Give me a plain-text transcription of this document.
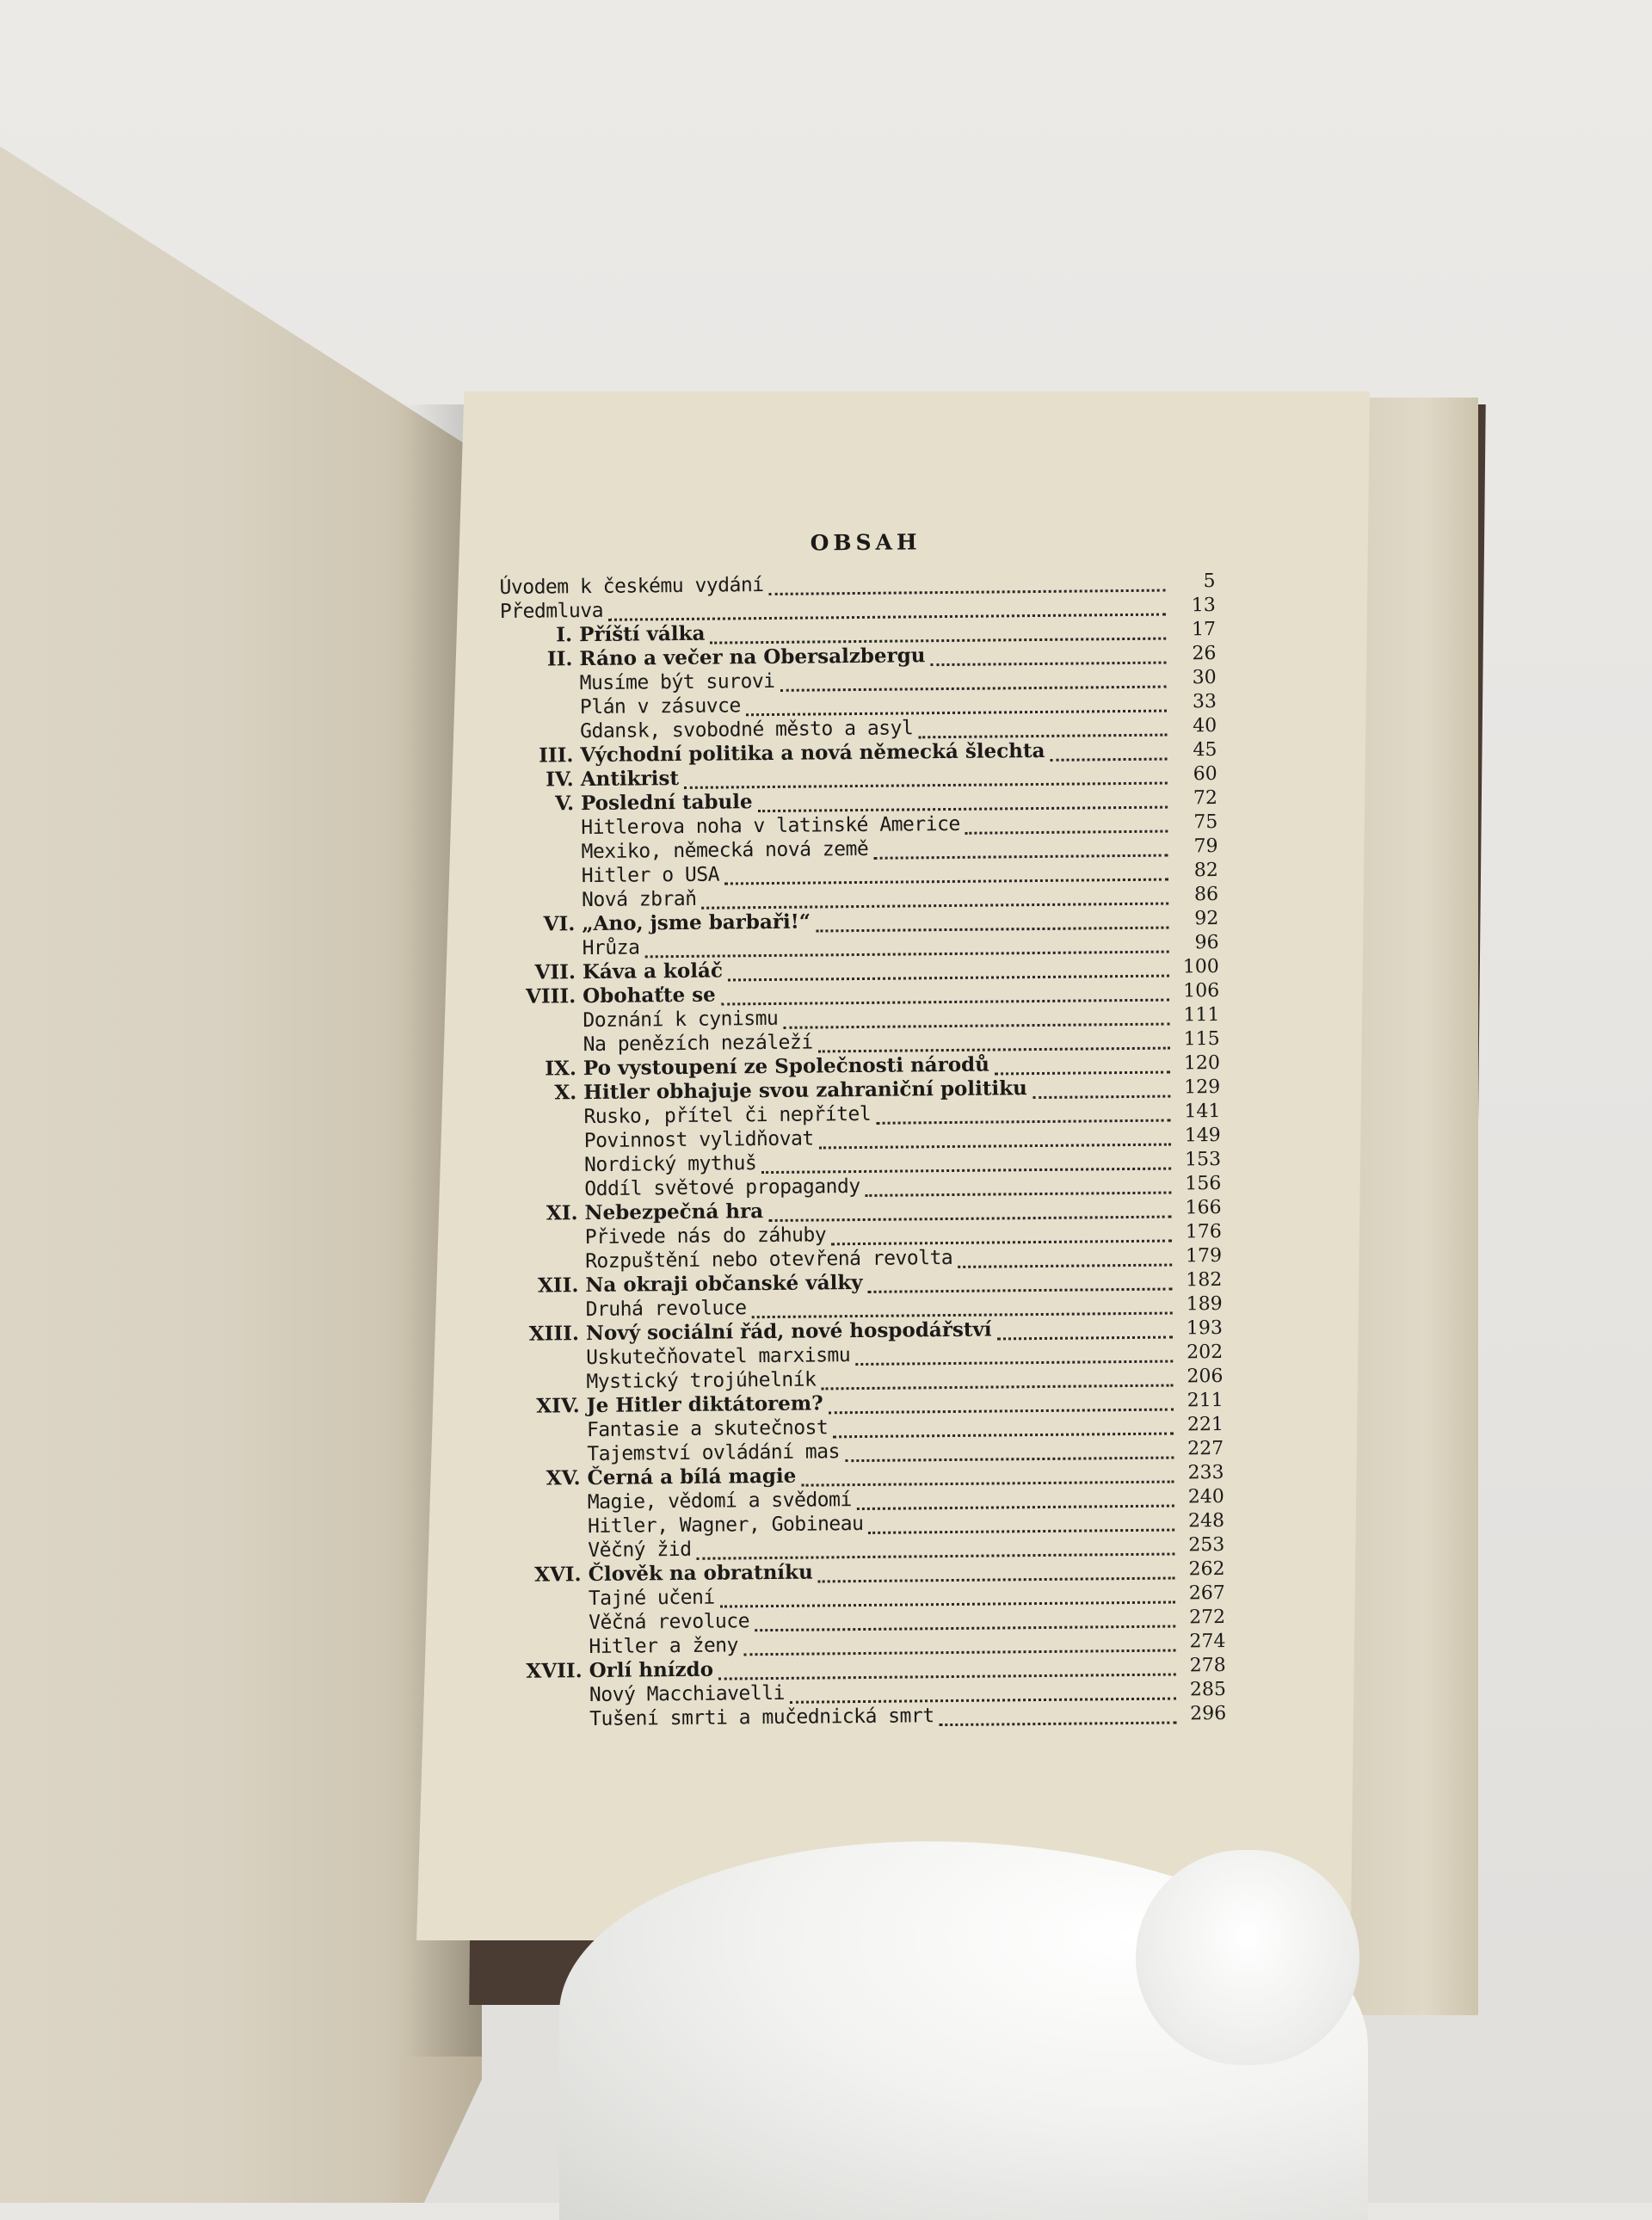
OBSAH
Úvodem k českému vydání	5
Předmluva	13
I. Příští válka	17
II. Ráno a večer na Obersalzbergu	26
Musíme být surovi	30
Plán v zásuvce	33
Gdansk, svobodné město a asyl	40
III. Východní politika a nová německá šlechta	45
IV. Antikrist	60
V. Poslední tabule	72
Hitlerova noha v latinské Americe	75
Mexiko, německá nová země	79
Hitler o USA	82
Nová zbraň	86
VI. „Ano, jsme barbaři!“	92
Hrůza	96
VII. Káva a koláč	100
VIII. Obohaťte se	106
Doznání k cynismu	111
Na penězích nezáleží	115
IX. Po vystoupení ze Společnosti národů	120
X. Hitler obhajuje svou zahraniční politiku	129
Rusko, přítel či nepřítel	141
Povinnost vylidňovat	149
Nordický mythuš	153
Oddíl světové propagandy	156
XI. Nebezpečná hra	166
Přivede nás do záhuby	176
Rozpuštění nebo otevřená revolta	179
XII. Na okraji občanské války	182
Druhá revoluce	189
XIII. Nový sociální řád, nové hospodářství	193
Uskutečňovatel marxismu	202
Mystický trojúhelník	206
XIV. Je Hitler diktátorem?	211
Fantasie a skutečnost	221
Tajemství ovládání mas	227
XV. Černá a bílá magie	233
Magie, vědomí a svědomí	240
Hitler, Wagner, Gobineau	248
Věčný žid	253
XVI. Člověk na obratníku	262
Tajné učení	267
Věčná revoluce	272
Hitler a ženy	274
XVII. Orlí hnízdo	278
Nový Macchiavelli	285
Tušení smrti a mučednická smrt	296
